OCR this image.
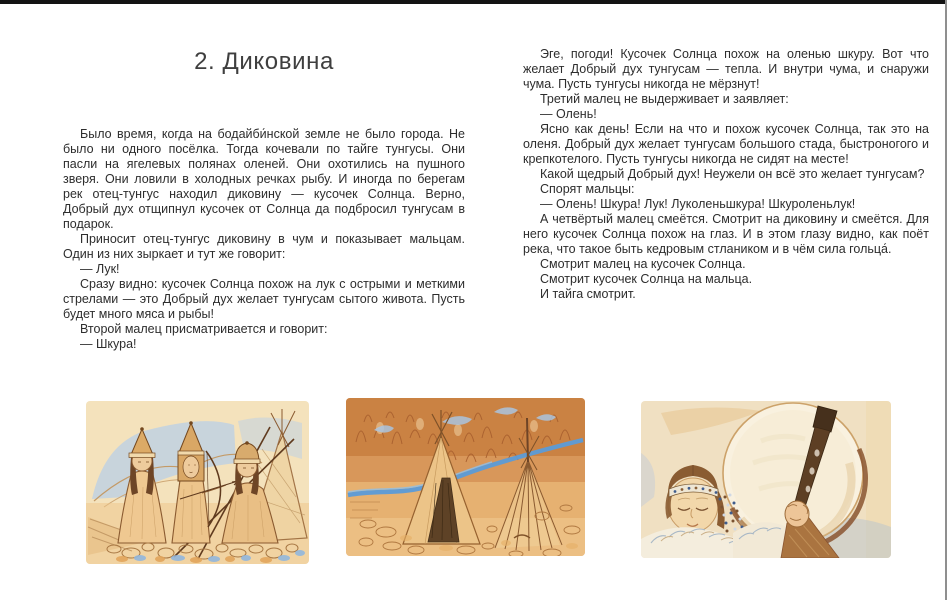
2. Диковина

Было время, когда на бодайби́нской земле не было города. Не было ни одного посёлка. Тогда кочевали по тайге тунгусы. Они пасли на ягелевых полянах оленей. Они охотились на пушного зверя. Они ловили в холодных речках рыбу. И иногда по берегам рек отец-тунгус находил диковину — кусочек Солнца. Верно, Добрый дух отщипнул кусочек от Солнца да подбросил тунгусам в подарок.

Приносит отец-тунгус диковину в чум и показывает мальцам. Один из них зыркает и тут же говорит:

— Лук!

Сразу видно: кусочек Солнца похож на лук с острыми и меткими стрелами — это Добрый дух желает тунгусам сытого живота. Пусть будет много мяса и рыбы!

Второй малец присматривается и говорит:

— Шкура!

Эге, погоди! Кусочек Солнца похож на оленью шкуру. Вот что желает Добрый дух тунгусам — тепла. И внутри чума, и снаружи чума. Пусть тунгусы никогда не мёрзнут!

Третий малец не выдерживает и заявляет:

— Олень!

Ясно как день! Если на что и похож кусочек Солнца, так это на оленя. Добрый дух желает тунгусам большого стада, быстроногого и крепкотелого. Пусть тунгусы никогда не сидят на месте!

Какой щедрый Добрый дух! Неужели он всё это желает тунгусам?

Спорят мальцы:

— Олень! Шкура! Лук! Луколеньшкура! Шкуроленьлук!

А четвёртый малец смеётся. Смотрит на диковину и смеётся. Для него кусочек Солнца похож на глаз. И в этом глазу видно, как поёт река, что такое быть кедровым стлаником и в чём сила гольца́.

Смотрит малец на кусочек Солнца.

Смотрит кусочек Солнца на мальца.

И тайга смотрит.
